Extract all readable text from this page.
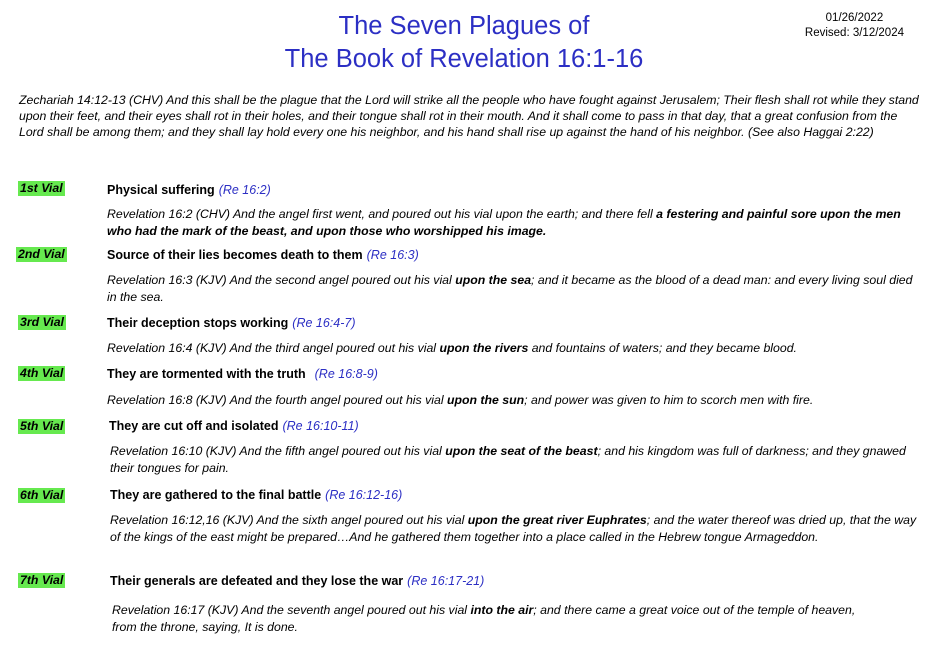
The Seven Plagues of
The Book of Revelation 16:1-16
01/26/2022
Revised: 3/12/2024
Zechariah 14:12-13 (CHV) And this shall be the plague that the Lord will strike all the people who have fought against Jerusalem; Their flesh shall rot while they stand upon their feet, and their eyes shall rot in their holes, and their tongue shall rot in their mouth. And it shall come to pass in that day, that a great confusion from the Lord shall be among them; and they shall lay hold every one his neighbor, and his hand shall rise up against the hand of his neighbor. (See also Haggai 2:22)
1st Vial	Physical suffering (Re 16:2)
Revelation 16:2 (CHV) And the angel first went, and poured out his vial upon the earth; and there fell a festering and painful sore upon the men who had the mark of the beast, and upon those who worshipped his image.
2nd Vial	Source of their lies becomes death to them (Re 16:3)
Revelation 16:3 (KJV) And the second angel poured out his vial upon the sea; and it became as the blood of a dead man: and every living soul died in the sea.
3rd Vial	Their deception stops working (Re 16:4-7)
Revelation 16:4 (KJV) And the third angel poured out his vial upon the rivers and fountains of waters; and they became blood.
4th Vial	They are tormented with the truth (Re 16:8-9)
Revelation 16:8 (KJV) And the fourth angel poured out his vial upon the sun; and power was given to him to scorch men with fire.
5th Vial	They are cut off and isolated (Re 16:10-11)
Revelation 16:10 (KJV) And the fifth angel poured out his vial upon the seat of the beast; and his kingdom was full of darkness; and they gnawed their tongues for pain.
6th Vial	They are gathered to the final battle (Re 16:12-16)
Revelation 16:12,16 (KJV) And the sixth angel poured out his vial upon the great river Euphrates; and the water thereof was dried up, that the way of the kings of the east might be prepared…And he gathered them together into a place called in the Hebrew tongue Armageddon.
7th Vial	Their generals are defeated and they lose the war (Re 16:17-21)
Revelation 16:17 (KJV) And the seventh angel poured out his vial into the air; and there came a great voice out of the temple of heaven, from the throne, saying, It is done.
